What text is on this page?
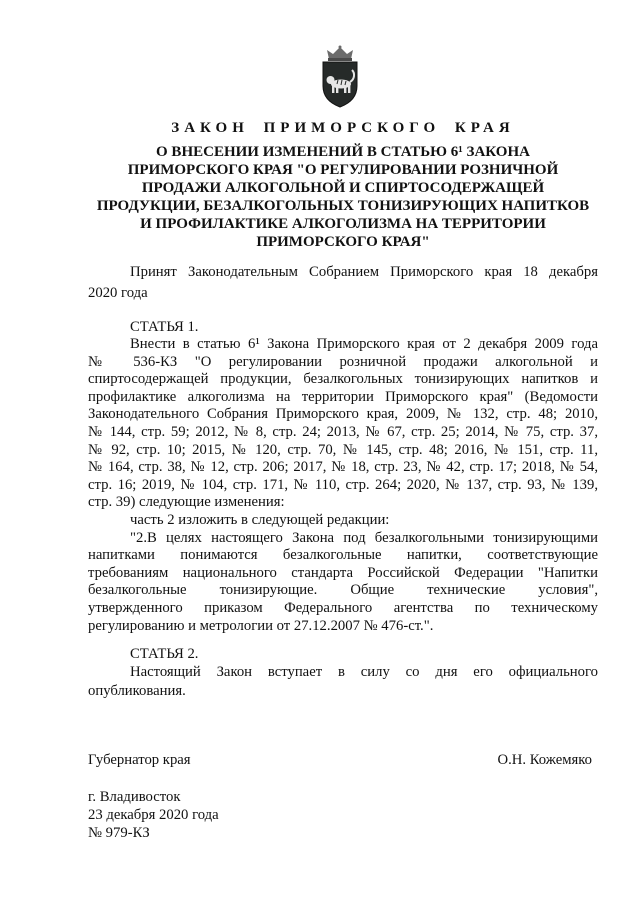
ЗАКОН ПРИМОРСКОГО КРАЯ
О ВНЕСЕНИИ ИЗМЕНЕНИЙ В СТАТЬЮ 6¹ ЗАКОНА
ПРИМОРСКОГО КРАЯ "О РЕГУЛИРОВАНИИ РОЗНИЧНОЙ
ПРОДАЖИ АЛКОГОЛЬНОЙ И СПИРТОСОДЕРЖАЩЕЙ
ПРОДУКЦИИ, БЕЗАЛКОГОЛЬНЫХ ТОНИЗИРУЮЩИХ НАПИТКОВ
И ПРОФИЛАКТИКЕ АЛКОГОЛИЗМА НА ТЕРРИТОРИИ
ПРИМОРСКОГО КРАЯ"
Принят Законодательным Собранием Приморского края 18 декабря
2020 года
СТАТЬЯ 1.
Внести в статью 6¹ Закона Приморского края от 2 декабря 2009 года
№ 536-КЗ "О регулировании розничной продажи алкогольной и
спиртосодержащей продукции, безалкогольных тонизирующих напитков и
профилактике алкоголизма на территории Приморского края" (Ведомости
Законодательного Собрания Приморского края, 2009, № 132, стр. 48; 2010,
№ 144, стр. 59; 2012, № 8, стр. 24; 2013, № 67, стр. 25; 2014, № 75, стр. 37,
№ 92, стр. 10; 2015, № 120, стр. 70, № 145, стр. 48; 2016, № 151, стр. 11,
№ 164, стр. 38, № 12, стр. 206; 2017, № 18, стр. 23, № 42, стр. 17; 2018, № 54,
стр. 16; 2019, № 104, стр. 171, № 110, стр. 264; 2020, № 137, стр. 93, № 139,
стр. 39) следующие изменения:
часть 2 изложить в следующей редакции:
"2.В целях настоящего Закона под безалкогольными тонизирующими
напитками понимаются безалкогольные напитки, соответствующие
требованиям национального стандарта Российской Федерации "Напитки
безалкогольные тонизирующие. Общие технические условия",
утвержденного приказом Федерального агентства по техническому
регулированию и метрологии от 27.12.2007 № 476-ст.".
СТАТЬЯ 2.
Настоящий Закон вступает в силу со дня его официального
опубликования.
Губернатор края	О.Н. Кожемяко
г. Владивосток
23 декабря 2020 года
№ 979-КЗ
